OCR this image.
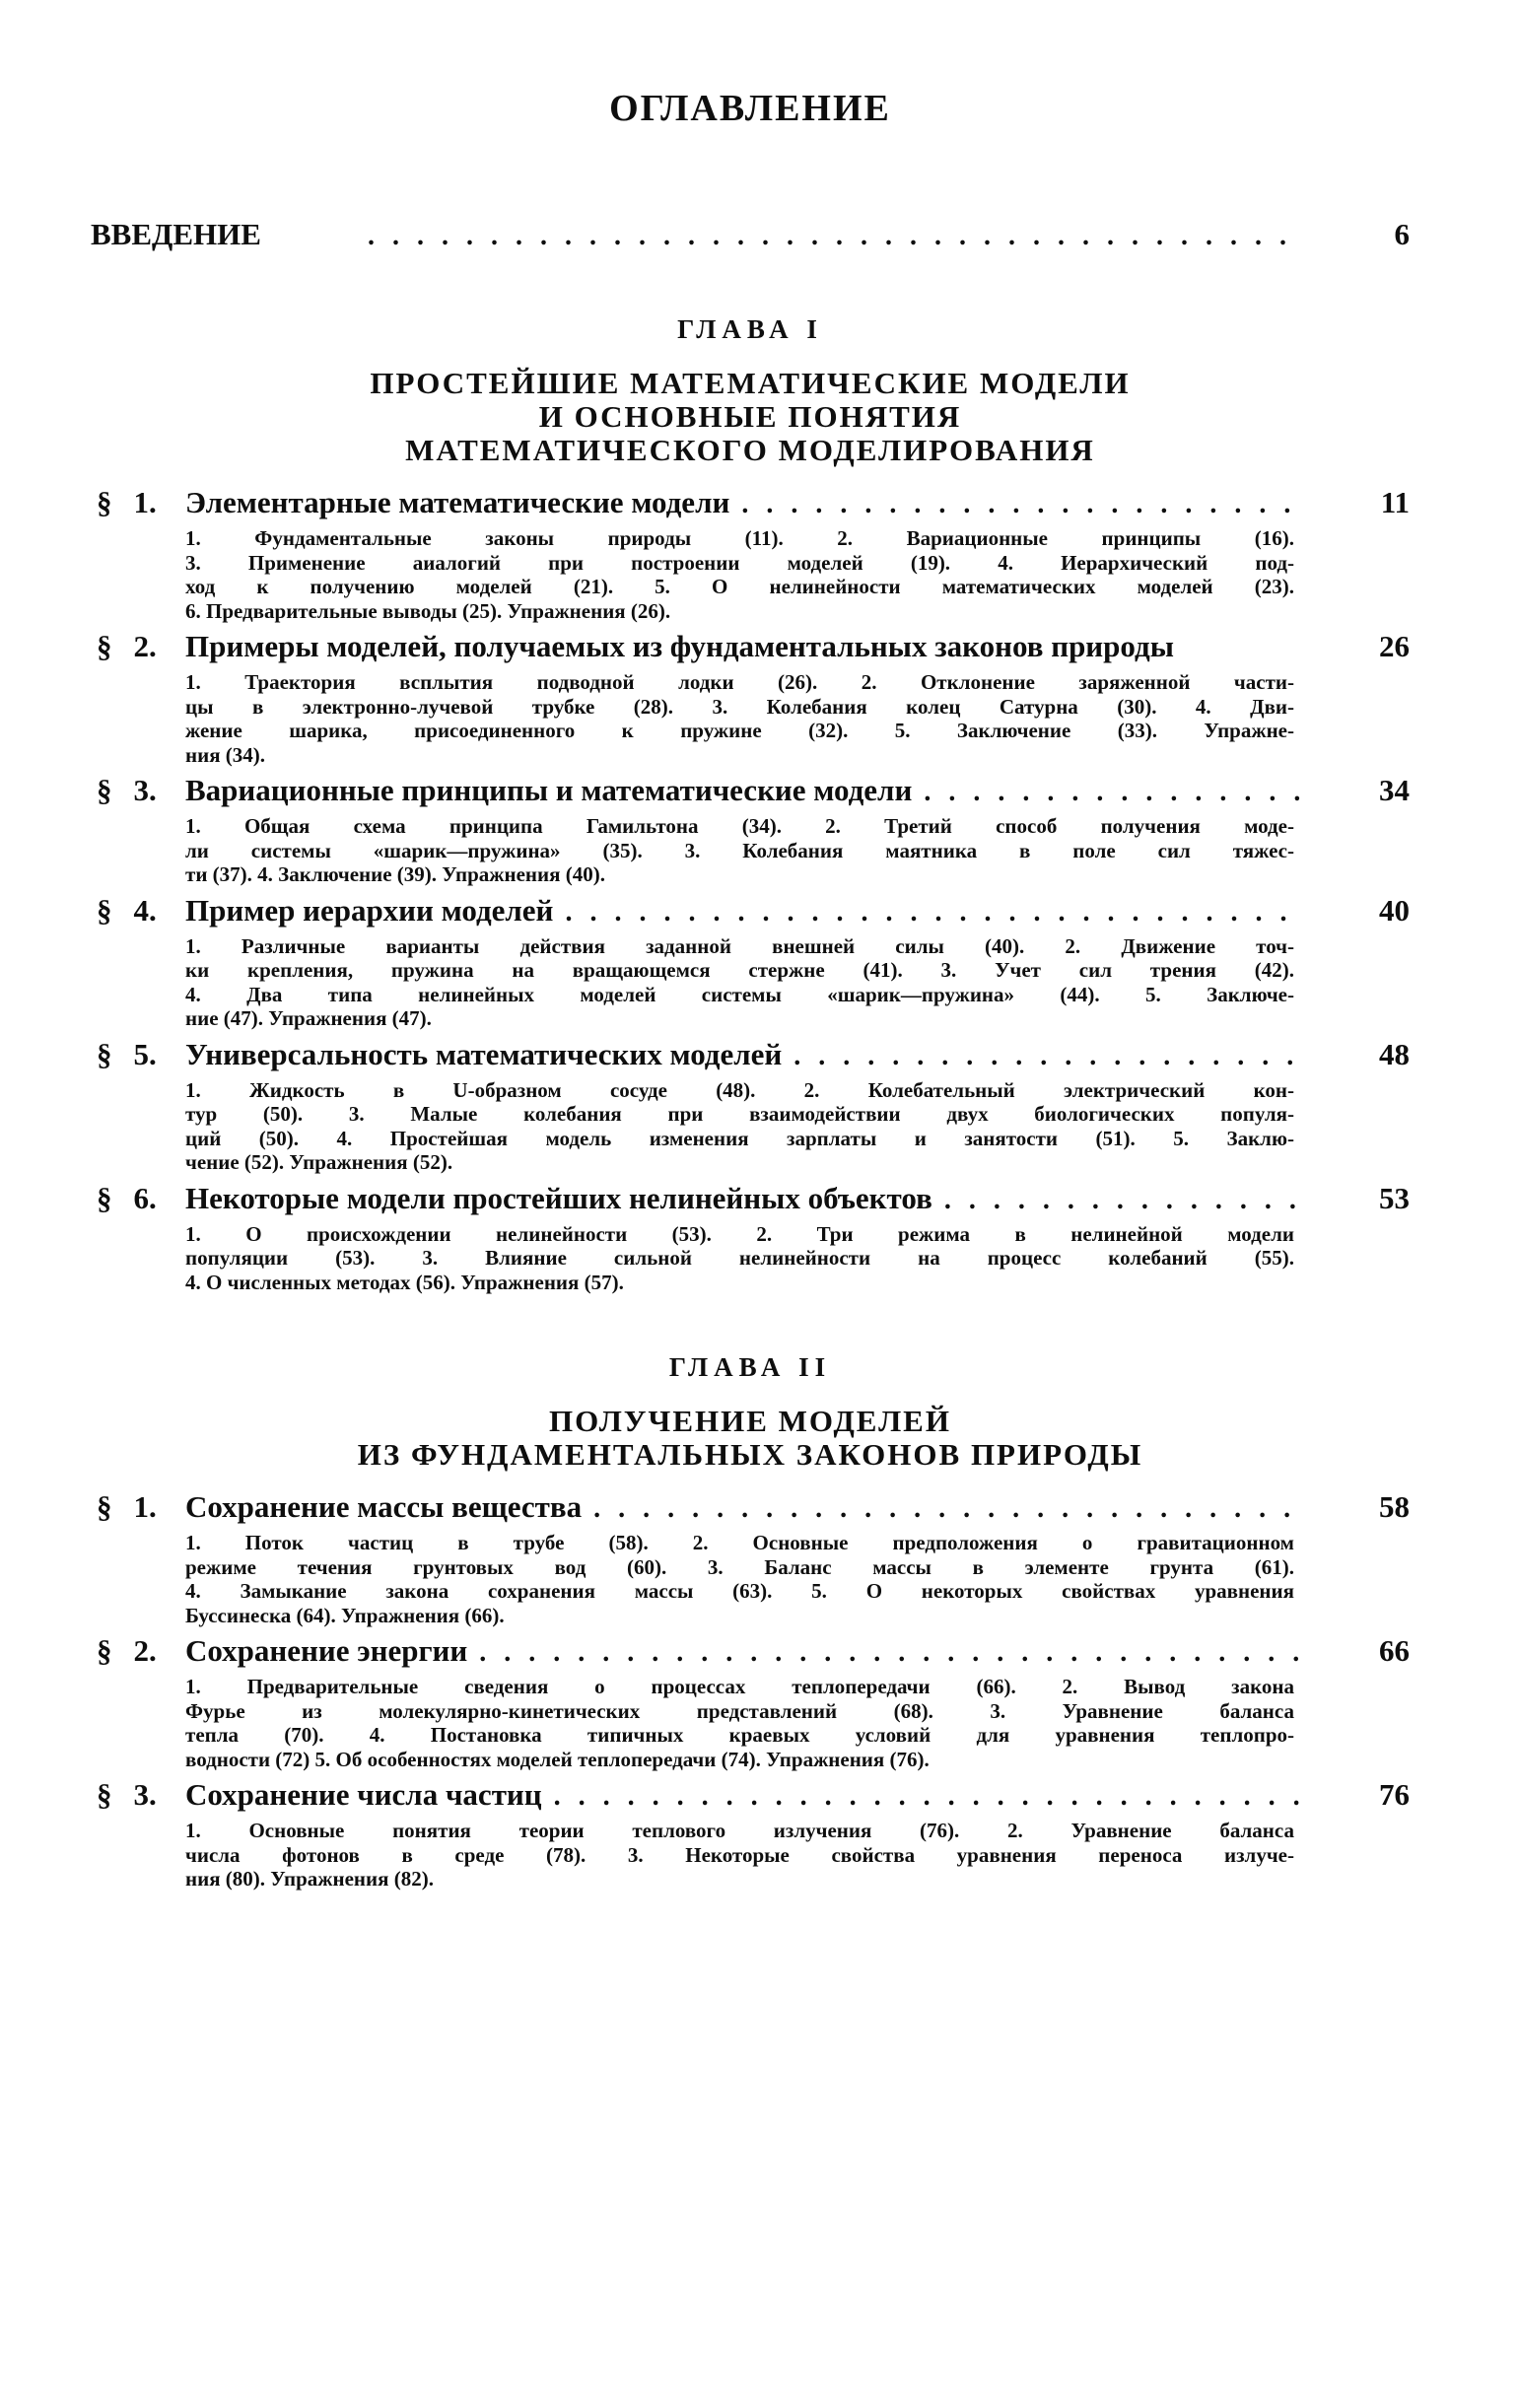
ОГЛАВЛЕНИЕ
ВВЕДЕНИЕ .....	6
ГЛАВА I
ПРОСТЕЙШИЕ МАТЕМАТИЧЕСКИЕ МОДЕЛИ
И ОСНОВНЫЕ ПОНЯТИЯ
МАТЕМАТИЧЕСКОГО МОДЕЛИРОВАНИЯ
§ 1. Элементарные математические модели .....	11
1. Фундаментальные законы природы (11). 2. Вариационные принципы (16).
3. Применение аиалогий при построении моделей (19). 4. Иерархический под-
ход к получению моделей (21). 5. О нелинейности математических моделей (23).
6. Предварительные выводы (25). Упражнения (26).
§ 2. Примеры моделей, получаемых из фундаментальных законов природы	26
1. Траектория всплытия подводной лодки (26). 2. Отклонение заряженной части-
цы в электронно-лучевой трубке (28). 3. Колебания колец Сатурна (30). 4. Дви-
жение шарика, присоединенного к пружине (32). 5. Заключение (33). Упражне-
ния (34).
§ 3. Вариационные принципы и математические модели .....	34
1. Общая схема принципа Гамильтона (34). 2. Третий способ получения моде-
ли системы «шарик—пружина» (35). 3. Колебания маятника в поле сил тяжес-
ти (37). 4. Заключение (39). Упражнения (40).
§ 4. Пример иерархии моделей .....	40
1. Различные варианты действия заданной внешней силы (40). 2. Движение точ-
ки крепления, пружина на вращающемся стержне (41). 3. Учет сил трения (42).
4. Два типа нелинейных моделей системы «шарик—пружина» (44). 5. Заключе-
ние (47). Упражнения (47).
§ 5. Универсальность математических моделей .....	48
1. Жидкость в U-образном сосуде (48). 2. Колебательный электрический кон-
тур (50). 3. Малые колебания при взаимодействии двух биологических популя-
ций (50). 4. Простейшая модель изменения зарплаты и занятости (51). 5. Заклю-
чение (52). Упражнения (52).
§ 6. Некоторые модели простейших нелинейных объектов .....	53
1. О происхождении нелинейности (53). 2. Три режима в нелинейной модели
популяции (53). 3. Влияние сильной нелинейности на процесс колебаний (55).
4. О численных методах (56). Упражнения (57).
ГЛАВА II
ПОЛУЧЕНИЕ МОДЕЛЕЙ
ИЗ ФУНДАМЕНТАЛЬНЫХ ЗАКОНОВ ПРИРОДЫ
§ 1. Сохранение массы вещества .....	58
1. Поток частиц в трубе (58). 2. Основные предположения о гравитационном
режиме течения грунтовых вод (60). 3. Баланс массы в элементе грунта (61).
4. Замыкание закона сохранения массы (63). 5. О некоторых свойствах уравнения
Буссинеска (64). Упражнения (66).
§ 2. Сохранение энергии .....	66
1. Предварительные сведения о процессах теплопередачи (66). 2. Вывод закона
Фурье из молекулярно-кинетических представлений (68). 3. Уравнение баланса
тепла (70). 4. Постановка типичных краевых условий для уравнения теплопро-
водности (72) 5. Об особенностях моделей теплопередачи (74). Упражнения (76).
§ 3. Сохранение числа частиц .....	76
1. Основные понятия теории теплового излучения (76). 2. Уравнение баланса
числа фотонов в среде (78). 3. Некоторые свойства уравнения переноса излуче-
ния (80). Упражнения (82).
